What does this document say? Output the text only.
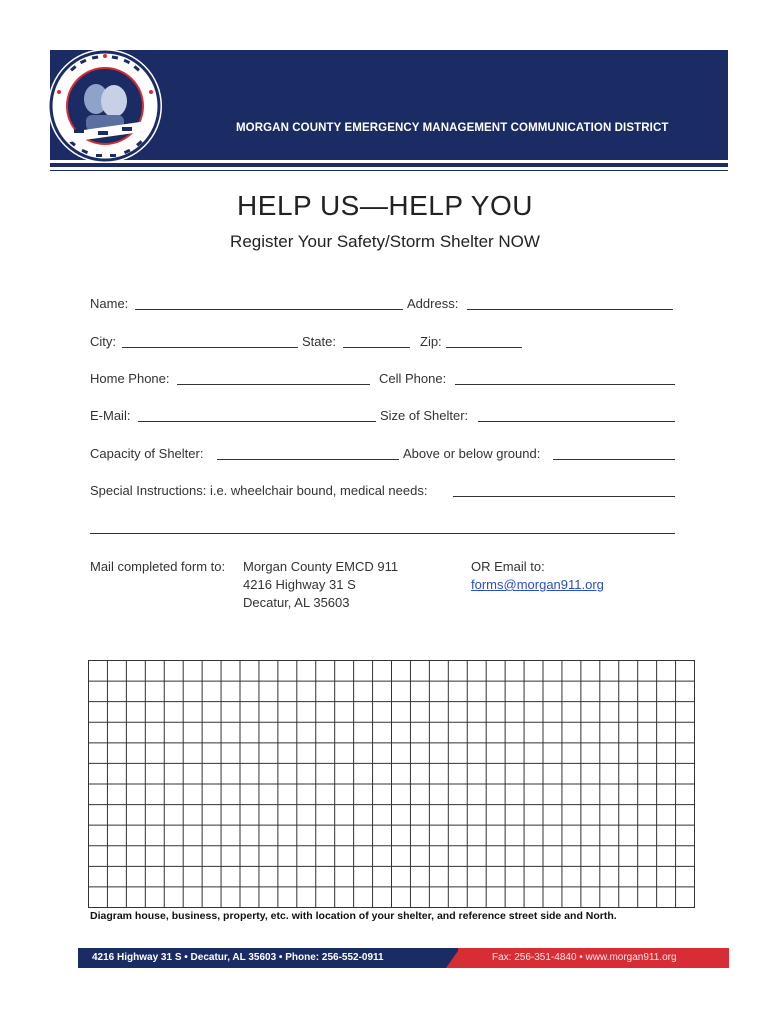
MORGAN COUNTY EMERGENCY MANAGEMENT COMMUNICATION DISTRICT
HELP US—HELP YOU
Register Your Safety/Storm Shelter NOW
Name:	Address:
City:	State:	Zip:
Home Phone:	Cell Phone:
E-Mail:	Size of Shelter:
Capacity of Shelter:	Above or below ground:
Special Instructions: i.e. wheelchair bound, medical needs:
Mail completed form to: Morgan County EMCD 911
4216 Highway 31 S
Decatur, AL 35603
OR Email to:
forms@morgan911.org
Diagram house, business, property, etc. with location of your shelter, and reference street side and North.
4216 Highway 31 S • Decatur, AL 35603 • Phone: 256-552-0911	Fax: 256-351-4840 • www.morgan911.org
